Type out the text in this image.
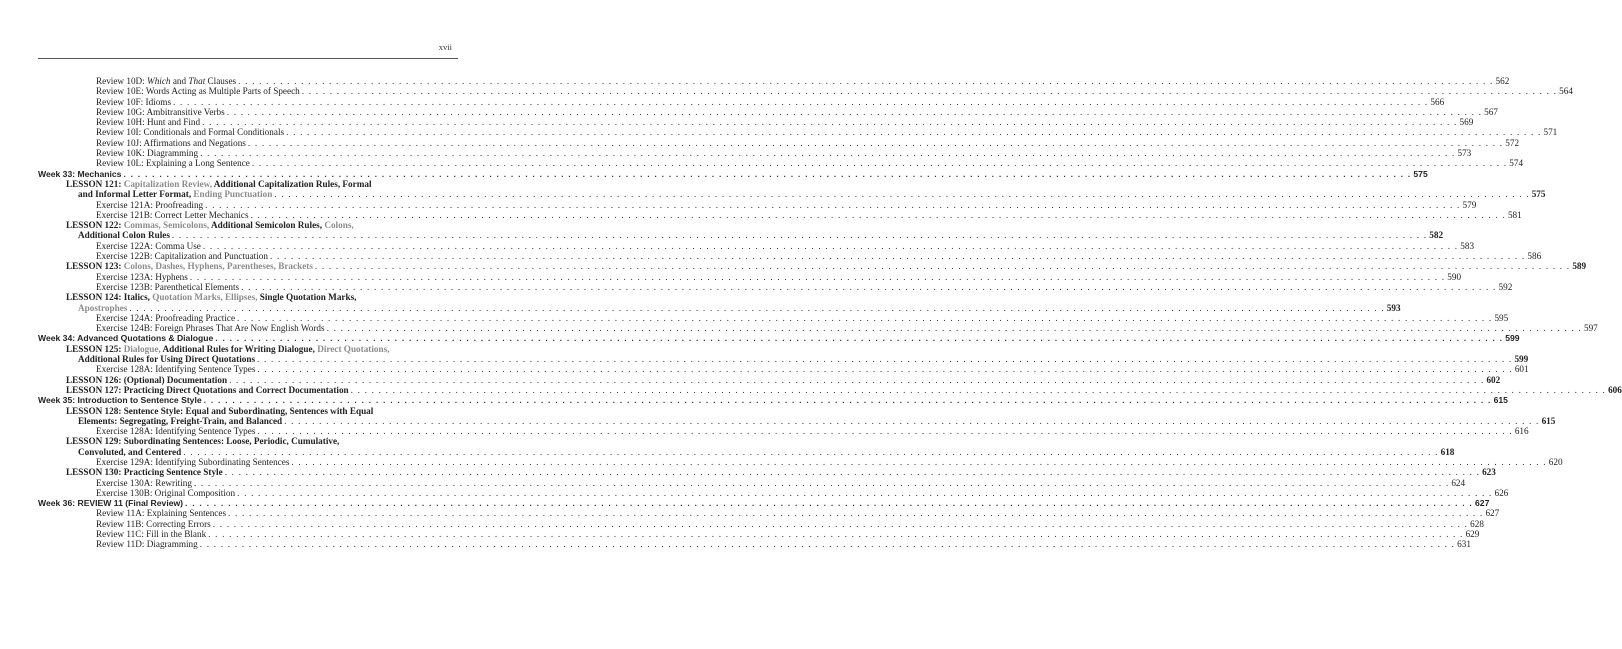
xvii
Review 10D: Which and That Clauses . . .	562
Review 10E: Words Acting as Multiple Parts of Speech . . .	564
Review 10F: Idioms . . .	566
Review 10G: Ambitransitive Verbs . . .	567
Review 10H: Hunt and Find . . .	569
Review 10I: Conditionals and Formal Conditionals . . .	571
Review 10J: Affirmations and Negations . . .	572
Review 10K: Diagramming . . .	573
Review 10L: Explaining a Long Sentence . . .	574
Week 33: Mechanics . . .	575
LESSON 121: Capitalization Review, Additional Capitalization Rules, Formal
and Informal Letter Format, Ending Punctuation . . .	575
Exercise 121A: Proofreading . . .	579
Exercise 121B: Correct Letter Mechanics . . .	581
LESSON 122: Commas, Semicolons, Additional Semicolon Rules, Colons,
Additional Colon Rules . . .	582
Exercise 122A: Comma Use . . .	583
Exercise 122B: Capitalization and Punctuation . . .	586
LESSON 123: Colons, Dashes, Hyphens, Parentheses, Brackets . . .	589
Exercise 123A: Hyphens . . .	590
Exercise 123B: Parenthetical Elements . . .	592
LESSON 124: Italics, Quotation Marks, Ellipses, Single Quotation Marks,
Apostrophes . . .	593
Exercise 124A: Proofreading Practice . . .	595
Exercise 124B: Foreign Phrases That Are Now English Words . . .	597
Week 34: Advanced Quotations & Dialogue . . .	599
LESSON 125: Dialogue, Additional Rules for Writing Dialogue, Direct Quotations,
Additional Rules for Using Direct Quotations . . .	599
Exercise 128A: Identifying Sentence Types . . .	601
LESSON 126: (Optional) Documentation . . .	602
LESSON 127: Practicing Direct Quotations and Correct Documentation . . .	606
Week 35: Introduction to Sentence Style . . .	615
LESSON 128: Sentence Style: Equal and Subordinating, Sentences with Equal
Elements: Segregating, Freight-Train, and Balanced . . .	615
Exercise 128A: Identifying Sentence Types . . .	616
LESSON 129: Subordinating Sentences: Loose, Periodic, Cumulative,
Convoluted, and Centered . . .	618
Exercise 129A: Identifying Subordinating Sentences . . .	620
LESSON 130: Practicing Sentence Style . . .	623
Exercise 130A: Rewriting . . .	624
Exercise 130B: Original Composition . . .	626
Week 36: REVIEW 11 (Final Review) . . .	627
Review 11A: Explaining Sentences . . .	627
Review 11B: Correcting Errors . . .	628
Review 11C: Fill in the Blank . . .	629
Review 11D: Diagramming . . .	631
